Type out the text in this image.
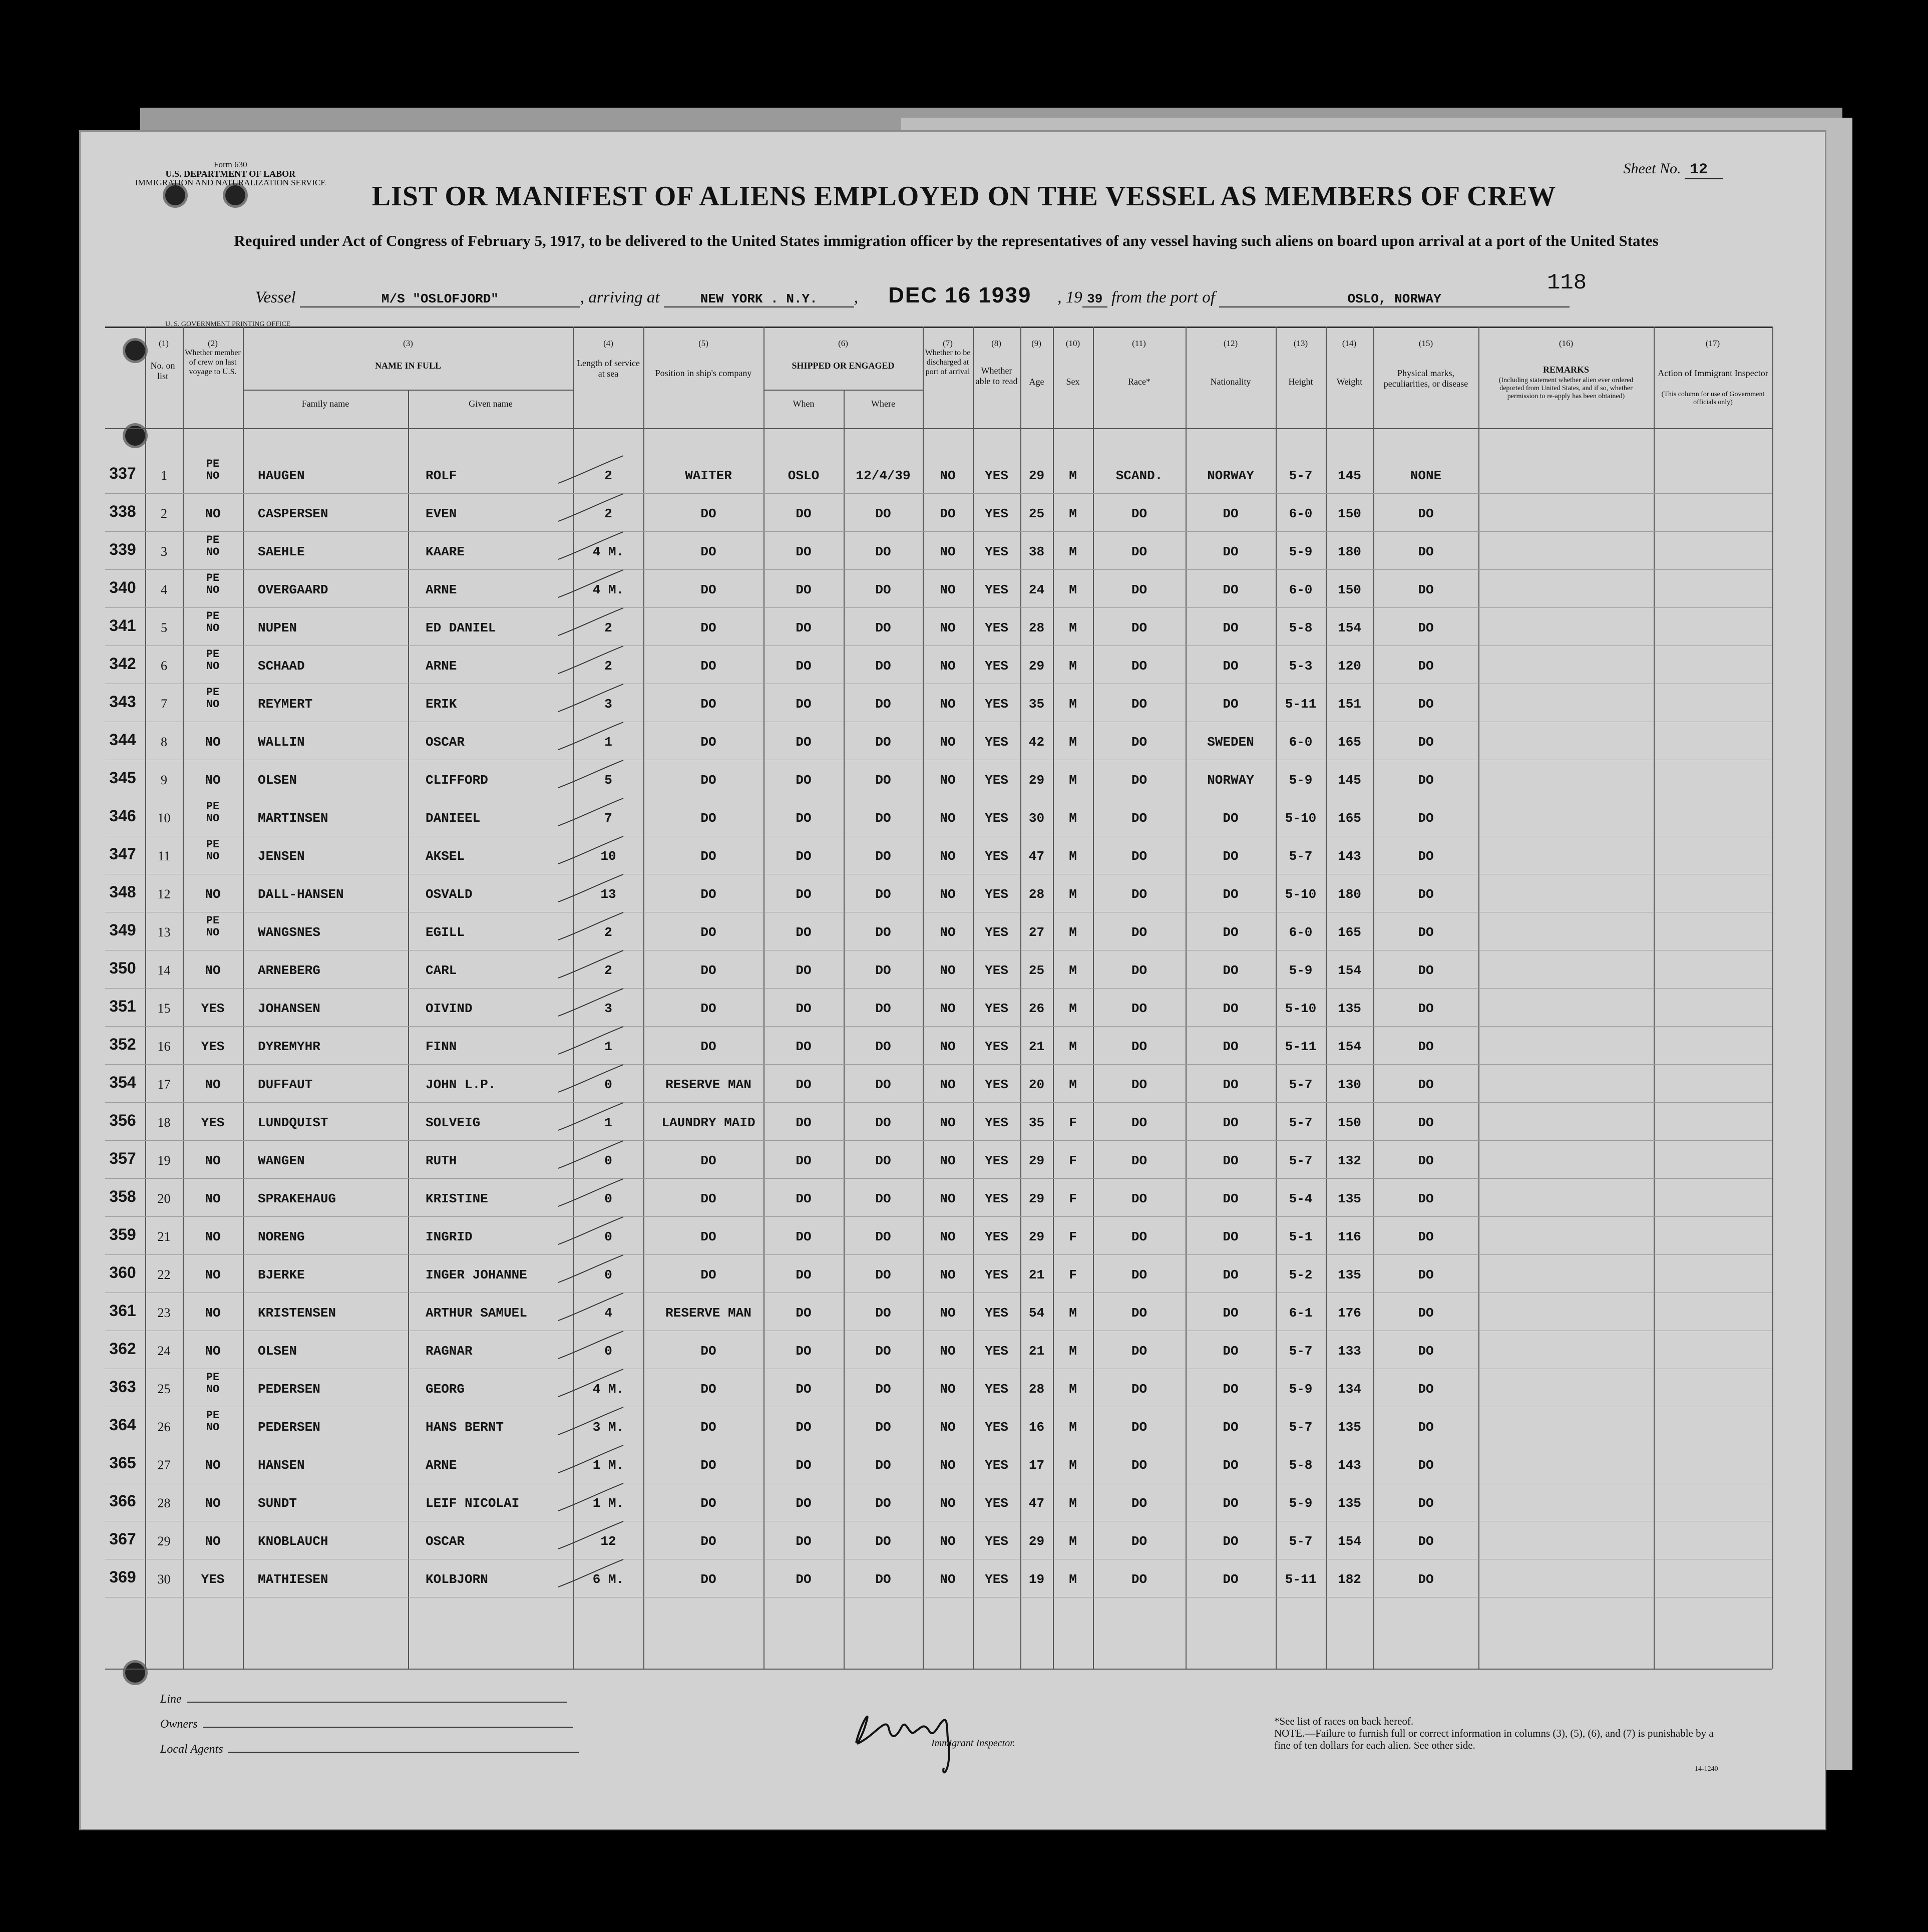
Form 630
U.S. DEPARTMENT OF LABOR
IMMIGRATION AND NATURALIZATION SERVICE
Sheet No. 12
LIST OR MANIFEST OF ALIENS EMPLOYED ON THE VESSEL AS MEMBERS OF CREW
Required under Act of Congress of February 5, 1917, to be delivered to the United States immigration officer by the representatives of any vessel having such aliens on board upon arrival at a port of the United States
118
Vessel	M/S "OSLOFJORD"	, arriving at	NEW YORK . N.Y. , DEC 16 1939 , 19 39 from the port of	OSLO, NORWAY
U. S. GOVERNMENT PRINTING OFFICE
No. on list
Whether member of crew on last voyage to U.S.
NAME IN FULL
Family name	Given name
Length of service at sea	Position in ship's company
SHIPPED OR ENGAGED
When	Where
Whether to be discharged at port of arrival	Whether able to read	Age	Sex	Race*	Nationality	Height	Weight
Physical marks, peculiarities, or disease
REMARKS
(Including statement whether alien ever ordered deported from United States, and if so, whether permission to re-apply has been obtained)
Action of Immigrant Inspector
(This column for use of Government officials only)
(1)	(2)	(3)	(4)	(5)	(6)	(7)	(8)	(9)	(10)	(11)	(12)	(13)	(14)	(15)	(16)	(17)
337	1
PE
NO	HAUGEN	ROLF	2	WAITER	OSLO	12/4/39	NO	YES	29	M	SCAND.	NORWAY	5-7	145	NONE
338	2	NO	CASPERSEN	EVEN	2	DO	DO	DO	DO	YES	25	M	DO	DO	6-0	150	DO
339	3
PE
NO	SAEHLE	KAARE	4 M.	DO	DO	DO	NO	YES	38	M	DO	DO	5-9	180	DO
340	4
PE
NO	OVERGAARD	ARNE	4 M.	DO	DO	DO	NO	YES	24	M	DO	DO	6-0	150	DO
341	5
PE
NO	NUPEN	ED DANIEL	2	DO	DO	DO	NO	YES	28	M	DO	DO	5-8	154	DO
342	6
PE
NO	SCHAAD	ARNE	2	DO	DO	DO	NO	YES	29	M	DO	DO	5-3	120	DO
343	7
PE
NO	REYMERT	ERIK	3	DO	DO	DO	NO	YES	35	M	DO	DO	5-11	151	DO
344	8	NO	WALLIN	OSCAR	1	DO	DO	DO	NO	YES	42	M	DO	SWEDEN	6-0	165	DO
345	9	NO	OLSEN	CLIFFORD	5	DO	DO	DO	NO	YES	29	M	DO	NORWAY	5-9	145	DO
346	10
PE
NO	MARTINSEN	DANIEEL	7	DO	DO	DO	NO	YES	30	M	DO	DO	5-10	165	DO
347	11
PE
NO	JENSEN	AKSEL	10	DO	DO	DO	NO	YES	47	M	DO	DO	5-7	143	DO
348	12	NO	DALL-HANSEN	OSVALD	13	DO	DO	DO	NO	YES	28	M	DO	DO	5-10	180	DO
349	13
PE
NO	WANGSNES	EGILL	2	DO	DO	DO	NO	YES	27	M	DO	DO	6-0	165	DO
350	14	NO	ARNEBERG	CARL	2	DO	DO	DO	NO	YES	25	M	DO	DO	5-9	154	DO
351	15	YES	JOHANSEN	OIVIND	3	DO	DO	DO	NO	YES	26	M	DO	DO	5-10	135	DO
352	16	YES	DYREMYHR	FINN	1	DO	DO	DO	NO	YES	21	M	DO	DO	5-11	154	DO
354	17	NO	DUFFAUT	JOHN L.P.	0	RESERVE MAN	DO	DO	NO	YES	20	M	DO	DO	5-7	130	DO
356	18	YES	LUNDQUIST	SOLVEIG	1	LAUNDRY MAID	DO	DO	NO	YES	35	F	DO	DO	5-7	150	DO
357	19	NO	WANGEN	RUTH	0	DO	DO	DO	NO	YES	29	F	DO	DO	5-7	132	DO
358	20	NO	SPRAKEHAUG	KRISTINE	0	DO	DO	DO	NO	YES	29	F	DO	DO	5-4	135	DO
359	21	NO	NORENG	INGRID	0	DO	DO	DO	NO	YES	29	F	DO	DO	5-1	116	DO
360	22	NO	BJERKE	INGER JOHANNE	0	DO	DO	DO	NO	YES	21	F	DO	DO	5-2	135	DO
361	23	NO	KRISTENSEN	ARTHUR SAMUEL	4	RESERVE MAN	DO	DO	NO	YES	54	M	DO	DO	6-1	176	DO
362	24	NO	OLSEN	RAGNAR	0	DO	DO	DO	NO	YES	21	M	DO	DO	5-7	133	DO
363	25
PE
NO	PEDERSEN	GEORG	4 M.	DO	DO	DO	NO	YES	28	M	DO	DO	5-9	134	DO
364	26
PE
NO	PEDERSEN	HANS BERNT	3 M.	DO	DO	DO	NO	YES	16	M	DO	DO	5-7	135	DO
365	27	NO	HANSEN	ARNE	1 M.	DO	DO	DO	NO	YES	17	M	DO	DO	5-8	143	DO
366	28	NO	SUNDT	LEIF NICOLAI	1 M.	DO	DO	DO	NO	YES	47	M	DO	DO	5-9	135	DO
367	29	NO	KNOBLAUCH	OSCAR	12	DO	DO	DO	NO	YES	29	M	DO	DO	5-7	154	DO
369	30	YES	MATHIESEN	KOLBJORN	6 M.	DO	DO	DO	NO	YES	19	M	DO	DO	5-11	182	DO
Line
Owners
Local Agents	Immigrant Inspector.
*See list of races on back hereof.
NOTE.—Failure to furnish full or correct information in columns (3), (5), (6), and (7) is punishable by a fine of ten dollars for each alien. See other side.
14-1240
